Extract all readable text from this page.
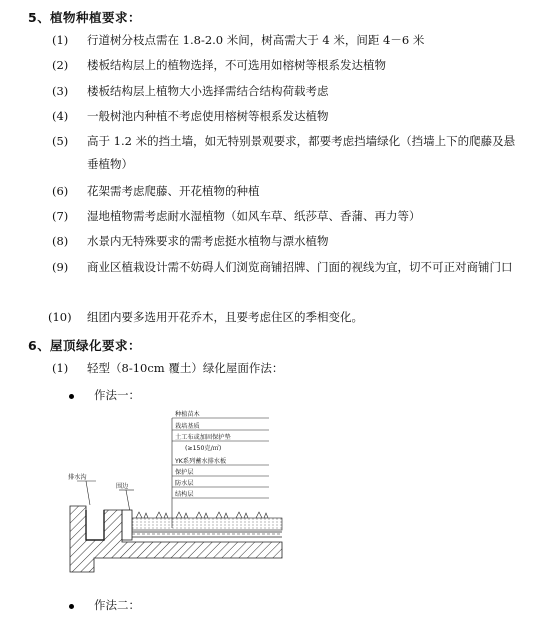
5、植物种植要求：
(1)	行道树分枝点需在 1.8-2.0 米间，树高需大于 4 米，间距 4－6 米
(2)	楼板结构层上的植物选择，不可选用如榕树等根系发达植物
(3)	楼板结构层上植物大小选择需结合结构荷载考虑
(4)	一般树池内种植不考虑使用榕树等根系发达植物
(5)	高于 1.2 米的挡土墙，如无特别景观要求，都要考虑挡墙绿化（挡墙上下的爬藤及悬垂植物）
(6)	花架需考虑爬藤、开花植物的种植
(7)	湿地植物需考虑耐水湿植物（如风车草、纸莎草、香蒲、再力等）
(8)	水景内无特殊要求的需考虑挺水植物与漂水植物
(9)	商业区植栽设计需不妨碍人们浏览商铺招牌、门面的视线为宜，切不可正对商铺门口
(10)	组团内要多选用开花乔木，且要考虑住区的季相变化。
6、屋顶绿化要求：
(1)	轻型（8-10cm 覆土）绿化屋面作法：
作法一：
种植苗木
栽培基质
土工布或加固保护垫
(≥150克/㎡)
YK系列蓄水排水板
保护层
防水层
结构层
排水沟
围边
作法二：
